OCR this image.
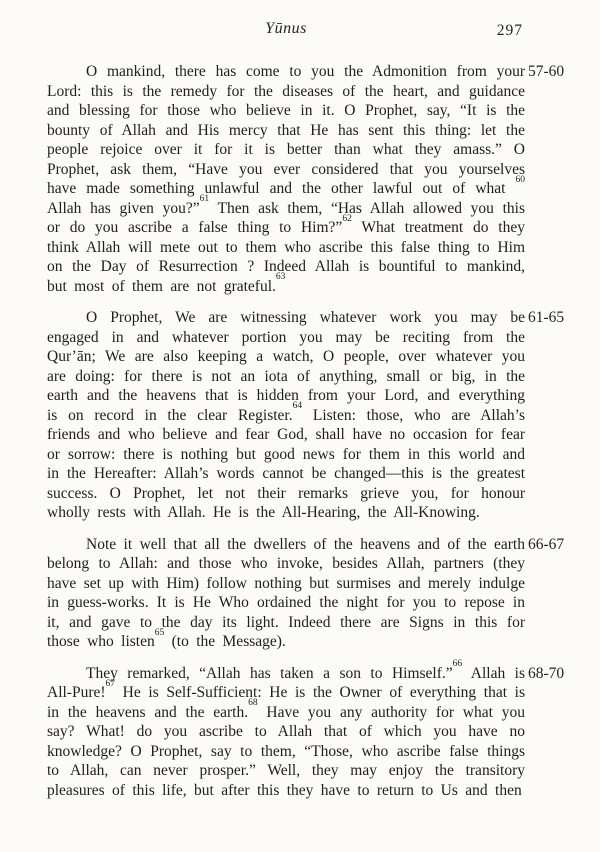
297
Yūnus

O mankind, there has come to you the Admonition from your Lord: this is the remedy for the diseases of the heart, and guidance and blessing for those who believe in it. O Prophet, say, “It is the bounty of Allah and His mercy that He has sent this thing: let the people rejoice over it for it is better than what they amass.” O Prophet, ask them, “Have you ever considered that you yourselves have made something unlawful and the other lawful out of what $^{60}$ Allah has given you?”$^{61}$ Then ask them, “Has Allah allowed you this or do you ascribe a false thing to Him?”$^{62}$ What treatment do they think Allah will mete out to them who ascribe this false thing to Him on the Day of Resurrection ? Indeed Allah is bountiful to mankind, but most of them are not grateful.$^{63}$

57-60

O Prophet, We are witnessing whatever work you may be engaged in and whatever portion you may be reciting from the Qur’ān; We are also keeping a watch, O people, over whatever you are doing: for there is not an iota of anything, small or big, in the earth and the heavens that is hidden from your Lord, and everything is on record in the clear Register.$^{64}$ Listen: those, who are Allah’s friends and who believe and fear God, shall have no occasion for fear or sorrow: there is nothing but good news for them in this world and in the Hereafter: Allah’s words cannot be changed—this is the greatest success. O Prophet, let not their remarks grieve you, for honour wholly rests with Allah. He is the All-Hearing, the All-Knowing.

61-65

Note it well that all the dwellers of the heavens and of the earth belong to Allah: and those who invoke, besides Allah, partners (they have set up with Him) follow nothing but surmises and merely indulge in guess-works. It is He Who ordained the night for you to repose in it, and gave to the day its light. Indeed there are Signs in this for those who listen$^{65}$ (to the Message).

66-67

They remarked, “Allah has taken a son to Himself.”$^{66}$ Allah is All-Pure!$^{67}$ He is Self-Sufficient: He is the Owner of everything that is in the heavens and the earth.$^{68}$ Have you any authority for what you say? What! do you ascribe to Allah that of which you have no knowledge? O Prophet, say to them, “Those, who ascribe false things to Allah, can never prosper.” Well, they may enjoy the transitory pleasures of this life, but after this they have to return to Us and then

68-70
